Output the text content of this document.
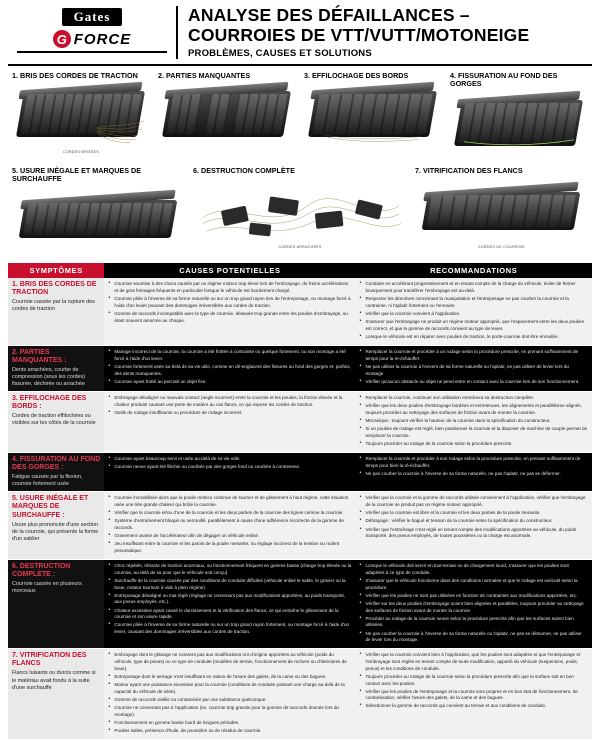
Gates
G FORCE
ANALYSE DES DÉFAILLANCES –
COURROIES DE VTT/VUTT/MOTONEIGE
PROBLÈMES, CAUSES ET SOLUTIONS
1. BRIS DES CORDES DE TRACTION
CORDES BRISÉES
2. PARTIES MANQUANTES	3. EFFILOCHAGE DES BORDS	4. FISSURATION AU FOND DES GORGES
5. USURE INÉGALE ET MARQUES DE SURCHAUFFE
6. DESTRUCTION COMPLÈTE
CORDES ARRACHÉES
7. VITRIFICATION DES FLANCS
CORDES DE COURROIE
SYMPTÔMES	CAUSES POTENTIELLES	RECOMMANDATIONS

1. BRIS DES CORDES DE TRACTION
Courroie cassée par la rupture des cordes de traction

• Courroie soumise à des chocs causés par un régime moteur trop élevé lors de l'embrayage, de freins accélérations et de gros freinages fréquents en particulier lorsque le véhicule est lourdement chargé.
• Courroie pliée à l'inverse de sa forme naturelle ou sur un trop grand rayon lors de l'entreposage, ou montage forcé à l'aide d'un levier pouvant des dommages irréversibles aux cordes de traction.
• Gomme de raccords incompatible avec le type de courroie, désaxée trop grande entre les poulies d'embrayage, ou étant souvent amorcée au choque.

• Conduire en accélérant progressivement et en tenant compte de la charge du véhicule, éviter de freiner brusquement pour transférer l'embrayage est au-delà.
• Respecter les directives concernant la manipulation et l'entreposage ne pas courber la courroie et la contrainte, ni l'aplatir fortement ou l'enrouler.
• Vérifier que la courroie convient à l'application.
• S'assurer que l'embrayage ne produit un régime moteur approprié, que l'espacement entre les deux poulies est correct, et que la gomme de raccords convient au type de levier.
• Lorsque le véhicule est en réparer avec poulies de traction, le porte-courroie doit être enroulée.

2. PARTIES MANQUANTES :
Dents arrachées, courbe de compression (sous les cordes) fissurée, déchirée ou arrachée

• Mariage incorrect de la courroie, la courroie a été frottée à contrainte ou quelque fortement, ou son montage a été forcé à l'aide d'un levier.
• Courroie fortement usée au-delà de sa vie utile, comme en dé-englacent des fissures au fond des gorges et, parfois, des dents manquantes.
• Courroie ayant frotté au percuté un objet fixe.

• Remplacer la courroie et procéder à un rodage selon la procédure prescrite, en prenant suffisamment de temps pour la re-échauffer.
• Ne pas utiliser la courroie à l'envers de sa forme naturelle ou l'aplatir, ne pas utiliser de levier lors du montage.
• Vérifier qu'aucun obstacle ou objet ne pend entre en contact avec la courroie lors de son fonctionnement.

3. EFFILOCHAGE DES BORDS :
Cordes de traction effilochées ou visibles sur les côtés de la courroie

• Embrayage désaligné ou mauvais contact (angle incorrect) entre la courroie et les poulies, la friction élevée et la chaleur produite causant une perte de matière au cas flancs, ce qui expose les cordes de traction.
• Outils de rodage insuffisants ou procédure de rodage incorrect.

• Remplacer la courroie, continuer son utilisation entraînera sa destruction complète.
• Vérifier que les deux poulies d'embrayage bordées et entretenues, les alignements et parallélisme alignés, toujours procéder au nettoyage des surfaces de friction avant de monter la courroie.
• Mécanique : toujours vérifier la hauteur de la courroie dans la spécification du constructeur.
• Si un poulies de rodage est réglé, bien positionner la courroie et la disposer de machine de couple permet de remplacer la courroie.
• Toujours procéder au rodage de la courroie selon la procédure prescrite.

4. FISSURATION AU FOND DES GORGES :
Fatigue causée par la flexion, courroie fortement usée

• Courroie ayant beaucoup servi et usée au-delà de sa vie utile.
• Courroie neuve ayant été fléchie ou courbée par des gorges fond ou courbée à contresens.

• Remplacer la courroie et procéder à son rodage selon la procédure prescrite, en prenant suffisamment de temps pour bien la ré-échauffer.
• Ne pas courber la courroie à l'inverse de sa forme naturelle, ne pas l'aplatir, ne pas se déformer.

5. USURE INÉGALE ET MARQUES DE SURCHAUFFE :
Usure plus prononcée d'une section de la courroie, qui présente la forme d'un sablier

• Courroie immobilisée alors que la poulie motrice continue de tourner et de glissement à haut régime, cette situation usée une très grande chaleur qui brûle la courroie.
• Vérifier que la courroie et/ou d'une de la courroie et les deux parties de la courroie des lignes comme la courroie.
• Système d'entraînement bloqué ou verrouillé, parallèlement à cause d'une adhérence incorrecte de la gomme de raccords.
• Gravement usante de l'accélérateur afin de dégager un véhicule enlisé.
• Jeu insuffisant entre la courroie et les parois de la poulie menante, ou réglage incorrect de la tension ou rodent pneumatique.

• Vérifier que la courroie et la gomme de raccords utilisée conviennent à l'application, vérifier que l'embrayage de la courroie ne produit pas un régime moteur approprié.
• Vérifier que la courroie est libre et la courroie et les deux parties de la poulie menante.
• Débrayage : vérifier le bagué et tension de la courroie selon la spécification du constructeur.
• Vérifier que l'entraînage n'est réglé en tenant compte des modifications apportées au véhicule, du poids transporté, des pneus employés, de toutes poussières ou la charge est anormale.

6. DESTRUCTION COMPLÈTE :
Courroie cassée en plusieurs morceaux

• Choc répétés, rétracte de traction anormaux, ou fonctionnement fréquent en gomme basse (charge trop élevée ou la courroie, au-delà de sa pour que le véhicule soit conçu).
• Surchauffe de la courroie causée par des conditions de conduite difficiles (véhicule enlisé le sable, le gravier ou la boue, moteur tournant à vide à plein régime).
• Entreposage désaligné ou mal réglé (réglage ne convenant pas aux modifications apportées, au poids transporté, aux pneus employés, etc.).
• Chaleur excessive ayant causé le durcissement et la vitrification des flancs, ce qui entraîne le glissement de la courroie et son usure rapide.
• Courroie pliée à l'inverse de sa forme naturelle ou sur un trop grand rayon fortement, ou montage forcé à l'aide d'un levier, causant des dommages irréversibles aux cordes de traction.

• Lorsque le véhicule doit servir en tout-terrain ou de chargement lourd, s'assurer que les poulies sont adaptées à ce type de conduite.
• S'assurer que le véhicule fonctionne dans des conditions normales et que le rodage est exécuté selon la procédure.
• Vérifier que les poulies ne sont pas utilisées en fonction de contraintes aux modifications apportées, etc.
• Vérifier sur les deux poulies d'embrayage soient bien alignées et parallèles, toujours procéder au nettoyage des surfaces de friction avant de monter la courroie.
• Procéder au rodage de la courroie neuve selon la procédure prescrite afin que les surfaces soient bien utilisées.
• Ne pas courber la courroie à l'inverse de sa forme naturelle ou l'aplatir, ne pas se détourner, ne pas utiliser de levier lors du montage.

7. VITRIFICATION DES FLANCS
Flancs luisants ou durcis comme si le matériau avait fondu à la suite d'une surchauffe

• Embrayage dont le glissage ne convient pas aux modifications ont d'origine apportées au véhicule (poids du véhicule, type de pneus) ou ce type de conduite (modèles de terrain, fonctionnement de rochers ou d'itinéraires de boue).
• Entreposage dont le serrage n'est insuffisant en raison de l'usure des galets, de la came ou des bagues.
• Moteur ayant une puissance excessive pour la courroie (conditions de conduite passant une charge au-delà de la capacité du véhicule de série).
• Gomme de raccords vieillie ou contaminée par une substance quelconque.
• Courroie ne convenant pas à l'application (ex. courroie trop grande pour la gomme de raccords donnée lors du montage).
• Fonctionnement en gomme basse lourd de longues périodes.
• Poulies salies, présence d'huile, de poussière ou de résidus de courroie.

• Vérifier que la courroie convient bien à l'application, que les poulies sont adaptées et que l'entreposage et l'embrayage sont réglés en tenant compte de toute modification, apporté du véhicule (suspension, poids, pneus) et les conditions de conduite.
• Toujours procéder au rodage de la courroie selon la procédure prescrite afin que la surface soit en bon contact avec les poulies.
• Vérifier que les poulies de l'entreposage et la courroie sont propres et en bon état de fonctionnement, de contamination, vérifier l'usure des galets, de la came et des bagues.
• Sélectionner la gomme de raccords qui convient au terrain et aux conditions de conduite.
